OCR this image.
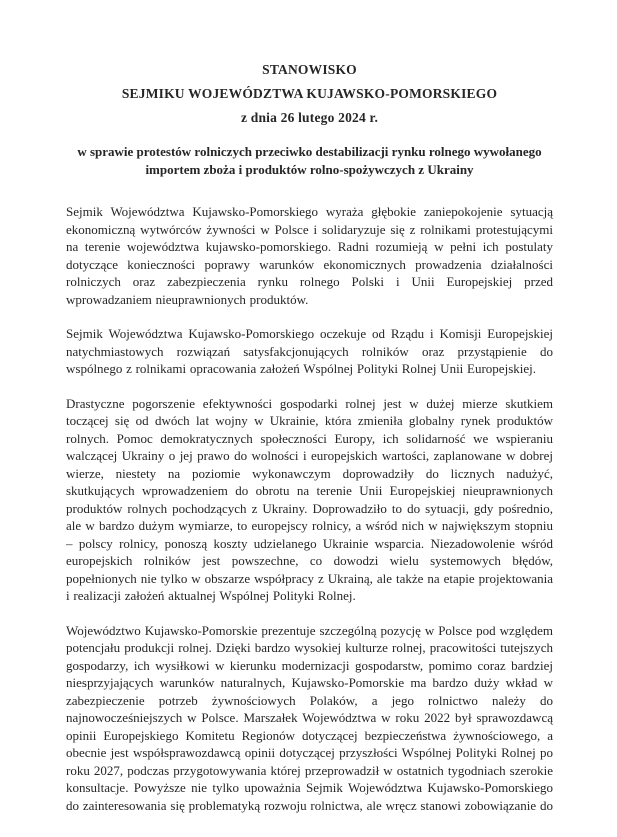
STANOWISKO
SEJMIKU WOJEWÓDZTWA KUJAWSKO-POMORSKIEGO
z dnia 26 lutego 2024 r.
w sprawie protestów rolniczych przeciwko destabilizacji rynku rolnego wywołanego importem zboża i produktów rolno-spożywczych z Ukrainy

Sejmik Województwa Kujawsko-Pomorskiego wyraża głębokie zaniepokojenie sytuacją ekonomiczną wytwórców żywności w Polsce i solidaryzuje się z rolnikami protestującymi na terenie województwa kujawsko-pomorskiego. Radni rozumieją w pełni ich postulaty dotyczące konieczności poprawy warunków ekonomicznych prowadzenia działalności rolniczych oraz zabezpieczenia rynku rolnego Polski i Unii Europejskiej przed wprowadzaniem nieuprawnionych produktów.

Sejmik Województwa Kujawsko-Pomorskiego oczekuje od Rządu i Komisji Europejskiej natychmiastowych rozwiązań satysfakcjonujących rolników oraz przystąpienie do wspólnego z rolnikami opracowania założeń Wspólnej Polityki Rolnej Unii Europejskiej.

Drastyczne pogorszenie efektywności gospodarki rolnej jest w dużej mierze skutkiem toczącej się od dwóch lat wojny w Ukrainie, która zmieniła globalny rynek produktów rolnych. Pomoc demokratycznych społeczności Europy, ich solidarność we wspieraniu walczącej Ukrainy o jej prawo do wolności i europejskich wartości, zaplanowane w dobrej wierze, niestety na poziomie wykonawczym doprowadziły do licznych nadużyć, skutkujących wprowadzeniem do obrotu na terenie Unii Europejskiej nieuprawnionych produktów rolnych pochodzących z Ukrainy. Doprowadziło to do sytuacji, gdy pośrednio, ale w bardzo dużym wymiarze, to europejscy rolnicy, a wśród nich w największym stopniu – polscy rolnicy, ponoszą koszty udzielanego Ukrainie wsparcia. Niezadowolenie wśród europejskich rolników jest powszechne, co dowodzi wielu systemowych błędów, popełnionych nie tylko w obszarze współpracy z Ukrainą, ale także na etapie projektowania i realizacji założeń aktualnej Wspólnej Polityki Rolnej.

Województwo Kujawsko-Pomorskie prezentuje szczególną pozycję w Polsce pod względem potencjału produkcji rolnej. Dzięki bardzo wysokiej kulturze rolnej, pracowitości tutejszych gospodarzy, ich wysiłkowi w kierunku modernizacji gospodarstw, pomimo coraz bardziej niesprzyjających warunków naturalnych, Kujawsko-Pomorskie ma bardzo duży wkład w zabezpieczenie potrzeb żywnościowych Polaków, a jego rolnictwo należy do najnowocześniejszych w Polsce. Marszałek Województwa w roku 2022 był sprawozdawcą opinii Europejskiego Komitetu Regionów dotyczącej bezpieczeństwa żywnościowego, a obecnie jest współsprawozdawcą opinii dotyczącej przyszłości Wspólnej Polityki Rolnej po roku 2027, podczas przygotowywania której przeprowadził w ostatnich tygodniach szerokie konsultacje. Powyższe nie tylko upoważnia Sejmik Województwa Kujawsko-Pomorskiego do zainteresowania się problematyką rozwoju rolnictwa, ale wręcz stanowi zobowiązanie do
